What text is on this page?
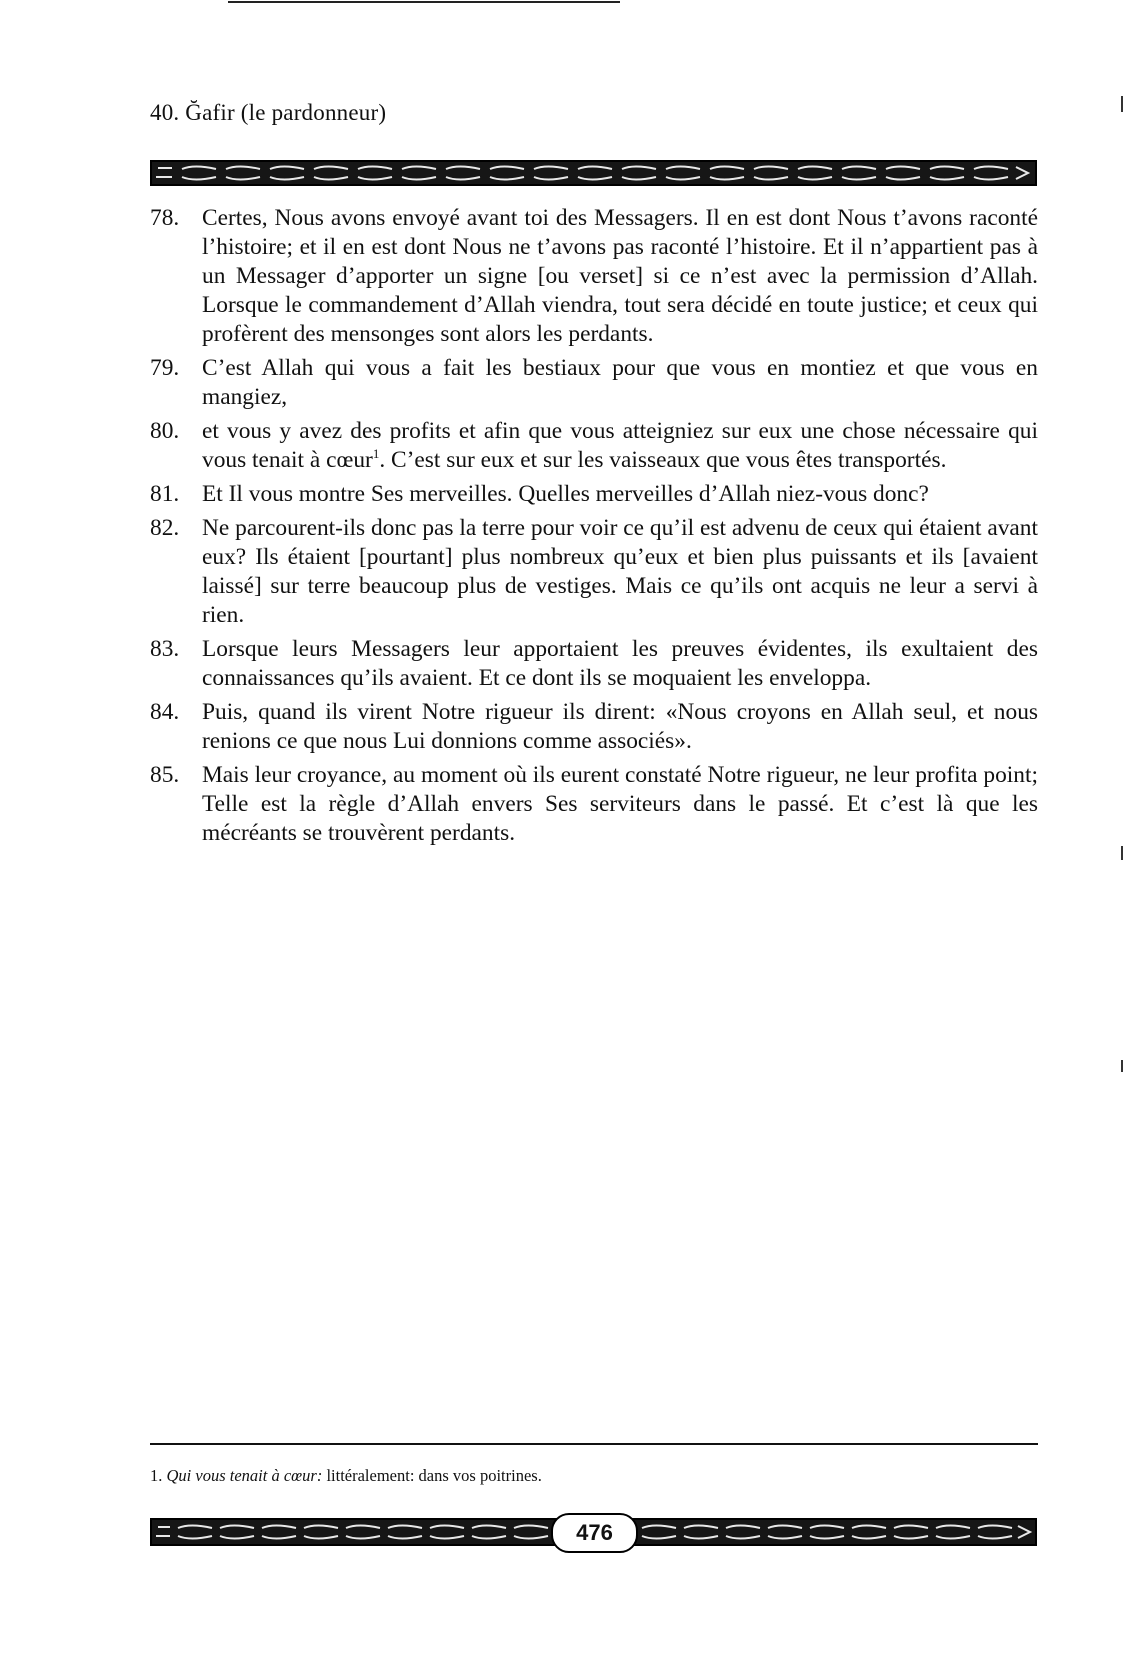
40. Ğafir (le pardonneur)
78. Certes, Nous avons envoyé avant toi des Messagers. Il en est dont Nous t’avons raconté l’histoire; et il en est dont Nous ne t’avons pas raconté l’histoire. Et il n’appartient pas à un Messager d’apporter un signe [ou verset] si ce n’est avec la permission d’Allah. Lorsque le commandement d’Allah viendra, tout sera décidé en toute justice; et ceux qui profèrent des mensonges sont alors les perdants.
79. C’est Allah qui vous a fait les bestiaux pour que vous en montiez et que vous en mangiez,
80. et vous y avez des profits et afin que vous atteigniez sur eux une chose nécessaire qui vous tenait à cœur$^1$. C’est sur eux et sur les vaisseaux que vous êtes transportés.
81. Et Il vous montre Ses merveilles. Quelles merveilles d’Allah niez-vous donc?
82. Ne parcourent-ils donc pas la terre pour voir ce qu’il est advenu de ceux qui étaient avant eux? Ils étaient [pourtant] plus nombreux qu’eux et bien plus puissants et ils [avaient laissé] sur terre beaucoup plus de vestiges. Mais ce qu’ils ont acquis ne leur a servi à rien.
83. Lorsque leurs Messagers leur apportaient les preuves évidentes, ils exultaient des connaissances qu’ils avaient. Et ce dont ils se moquaient les enveloppa.
84. Puis, quand ils virent Notre rigueur ils dirent: «Nous croyons en Allah seul, et nous renions ce que nous Lui donnions comme associés».
85. Mais leur croyance, au moment où ils eurent constaté Notre rigueur, ne leur profita point; Telle est la règle d’Allah envers Ses serviteurs dans le passé. Et c’est là que les mécréants se trouvèrent perdants.
1. Qui vous tenait à cœur: littéralement: dans vos poitrines.
476
